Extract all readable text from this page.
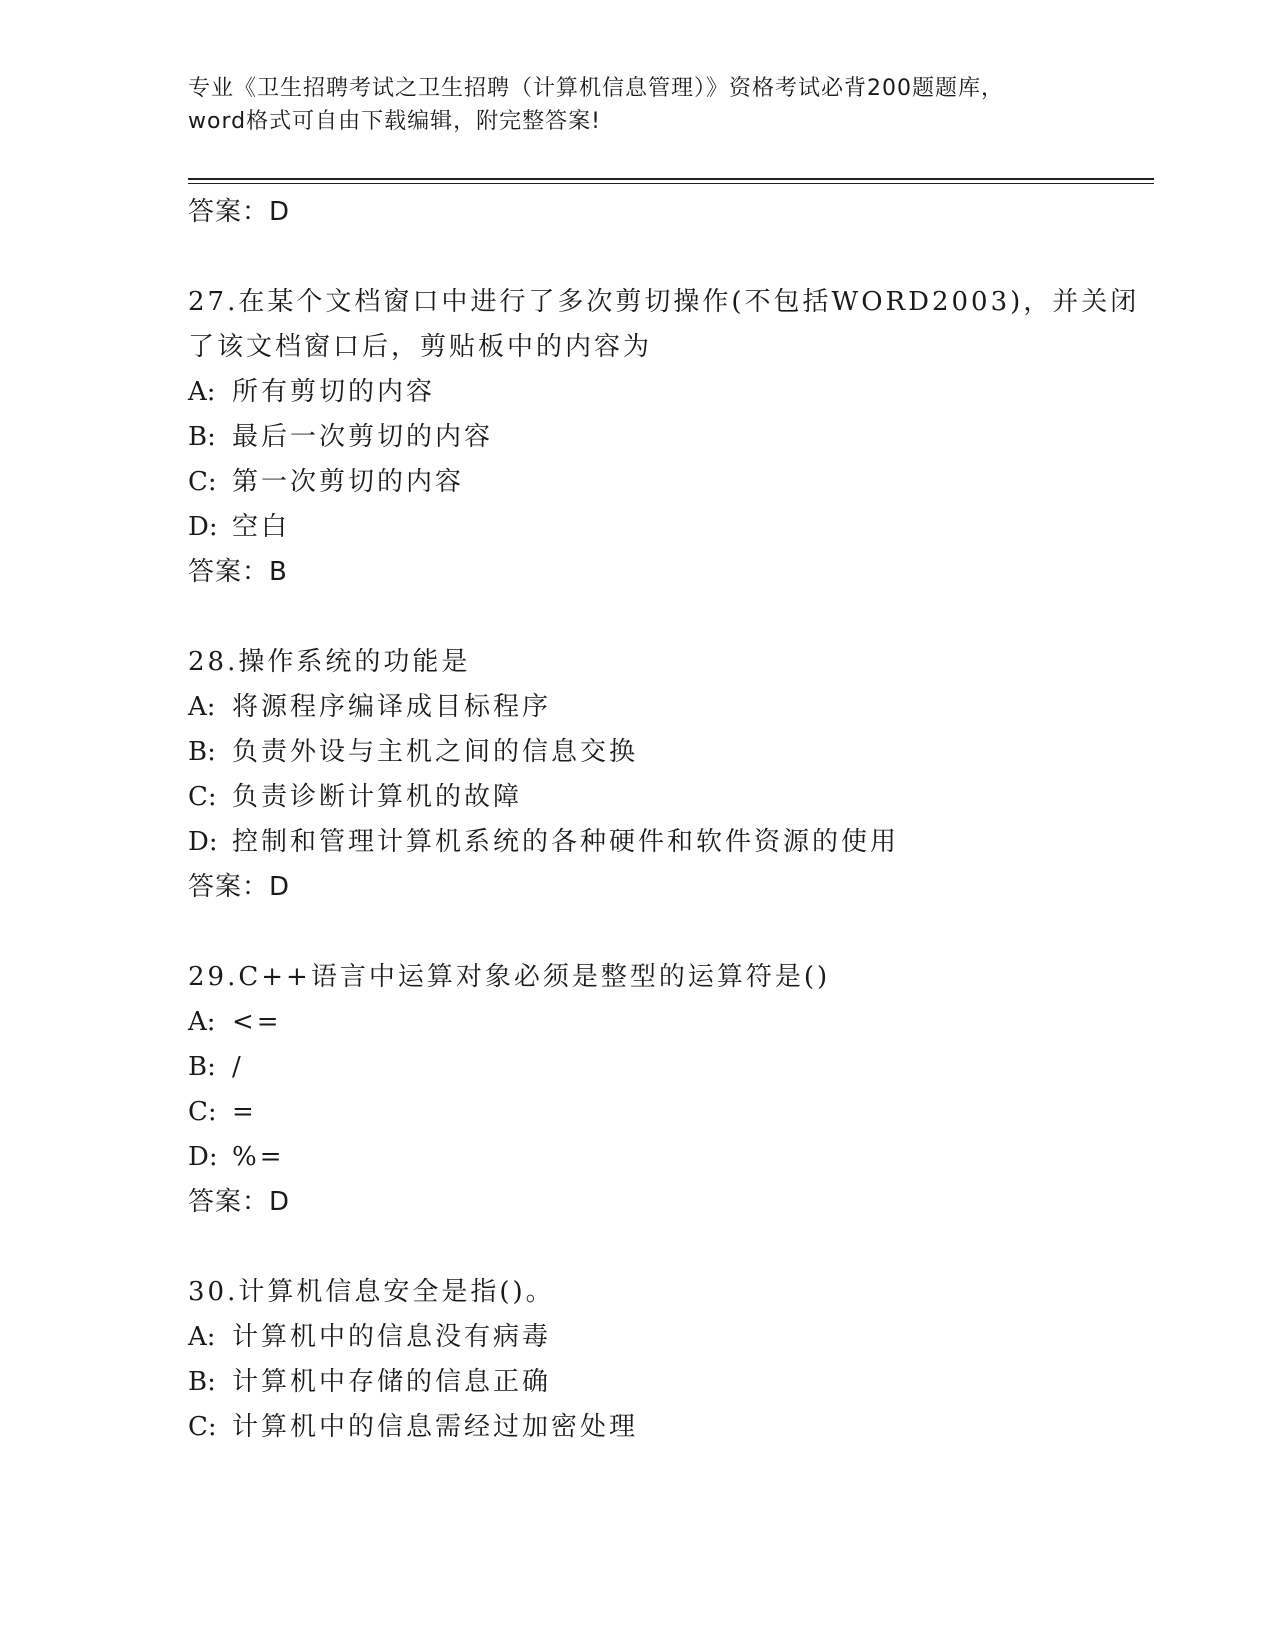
专业《卫生招聘考试之卫生招聘（计算机信息管理）》资格考试必背200题题库，
word格式可自由下载编辑，附完整答案!
答案：D
27.在某个文档窗口中进行了多次剪切操作(不包括WORD2003)，并关闭
了该文档窗口后，剪贴板中的内容为
A: 所有剪切的内容
B: 最后一次剪切的内容
C: 第一次剪切的内容
D: 空白
答案：B
28.操作系统的功能是
A: 将源程序编译成目标程序
B: 负责外设与主机之间的信息交换
C: 负责诊断计算机的故障
D: 控制和管理计算机系统的各种硬件和软件资源的使用
答案：D
29.C++语言中运算对象必须是整型的运算符是()
A: <=
B: /
C: =
D: %=
答案：D
30.计算机信息安全是指()。
A: 计算机中的信息没有病毒
B: 计算机中存储的信息正确
C: 计算机中的信息需经过加密处理
